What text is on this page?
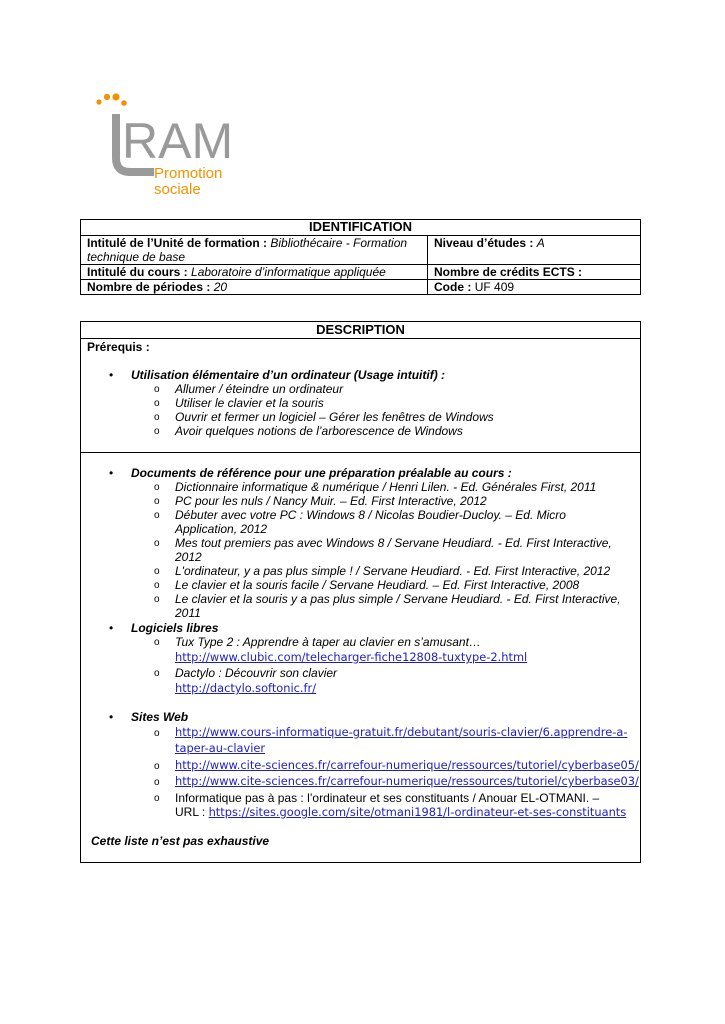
RAM
Promotion
sociale
IDENTIFICATION	
Intitulé de l’Unité de formation : Bibliothécaire - Formation
technique de base	Niveau d’études : A
Intitulé du cours : Laboratoire d’informatique appliquée	Nombre de crédits ECTS :
Nombre de périodes : 20	Code : UF 409
DESCRIPTION
Prérequis :
• Utilisation élémentaire d’un ordinateur (Usage intuitif) :
o Allumer / éteindre un ordinateur
o Utiliser le clavier et la souris
o Ouvrir et fermer un logiciel – Gérer les fenêtres de Windows
o Avoir quelques notions de l’arborescence de Windows
• Documents de référence pour une préparation préalable au cours :
o Dictionnaire informatique & numérique / Henri Lilen. - Ed. Générales First, 2011
o PC pour les nuls / Nancy Muir. – Ed. First Interactive, 2012
o Débuter avec votre PC : Windows 8 / Nicolas Boudier-Ducloy. – Ed. Micro
Application, 2012
o Mes tout premiers pas avec Windows 8 / Servane Heudiard. - Ed. First Interactive,
2012
o L'ordinateur, y a pas plus simple ! / Servane Heudiard. - Ed. First Interactive, 2012
o Le clavier et la souris facile / Servane Heudiard. – Ed. First Interactive, 2008
o Le clavier et la souris y a pas plus simple / Servane Heudiard. - Ed. First Interactive,
2011
• Logiciels libres
o Tux Type 2 : Apprendre à taper au clavier en s’amusant…
http://www.clubic.com/telecharger-fiche12808-tuxtype-2.html
o Dactylo : Découvrir son clavier
http://dactylo.softonic.fr/
• Sites Web
o http://www.cours-informatique-gratuit.fr/debutant/souris-clavier/6.apprendre-a-
taper-au-clavier
o http://www.cite-sciences.fr/carrefour-numerique/ressources/tutoriel/cyberbase05/
o http://www.cite-sciences.fr/carrefour-numerique/ressources/tutoriel/cyberbase03/
o Informatique pas à pas : l’ordinateur et ses constituants / Anouar EL-OTMANI. –
URL : https://sites.google.com/site/otmani1981/l-ordinateur-et-ses-constituants
Cette liste n’est pas exhaustive
